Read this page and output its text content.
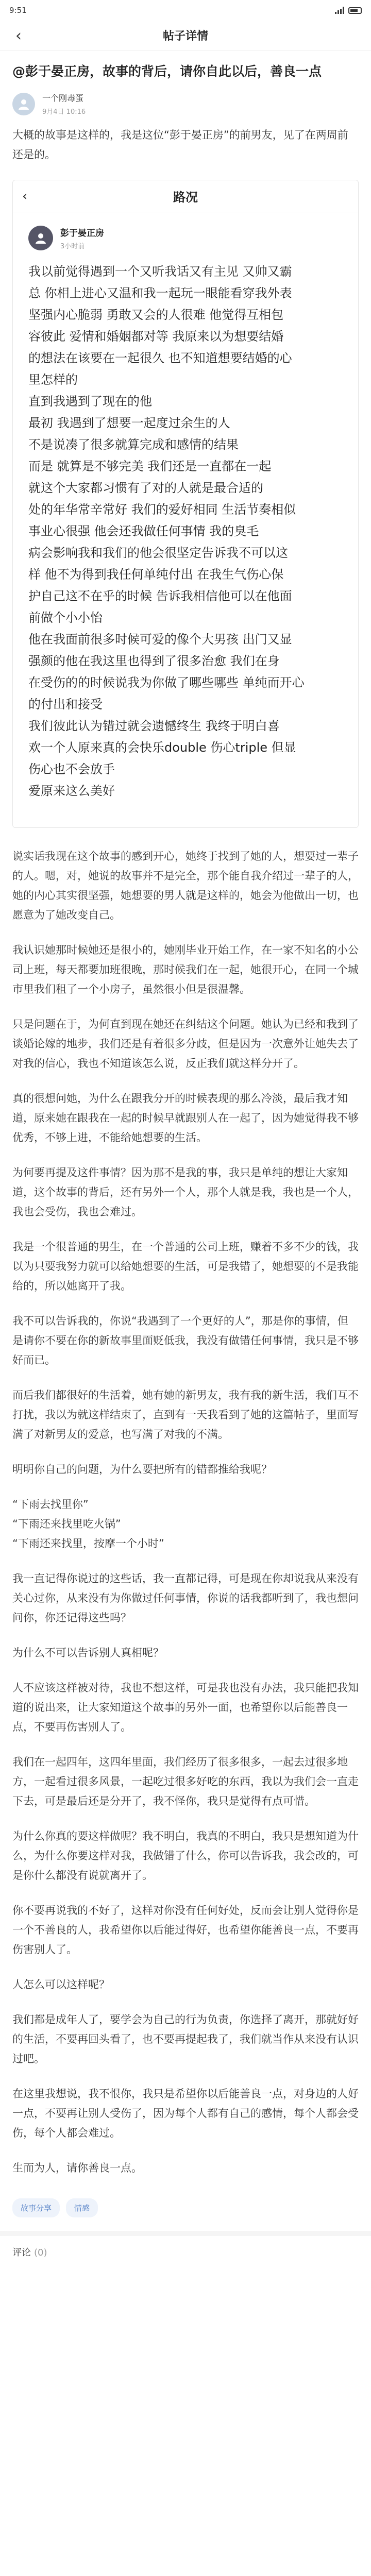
9:51
‹	帖子详情
@彭于晏正房，故事的背后，请你自此以后，善良一点
一个刚毒蛋
9月4日 10:16
大概的故事是这样的，我是这位“彭于晏正房”的前男友，见了在两周前还是的。
‹	路况
彭于晏正房
3小时前
我以前觉得遇到一个又听我话又有主见 又帅又霸
总 你相上进心又温和我一起玩一眼能看穿我外表
坚强内心脆弱 勇敢又会的人很难 他觉得互相包
容彼此 爱情和婚姻都对等 我原来以为想要结婚
的想法在该要在一起很久 也不知道想要结婚的心
里怎样的
直到我遇到了现在的他
最初 我遇到了想要一起度过余生的人
不是说凑了很多就算完成和感情的结果
而是 就算是不够完美 我们还是一直都在一起
就这个大家都习惯有了对的人就是最合适的
处的年华常辛常好 我们的爱好相同 生活节奏相似
事业心很强 他会还我做任何事情 我的臭毛
病会影响我和我们的他会很坚定告诉我不可以这
样 他不为得到我任何单纯付出 在我生气伤心保
护自己这不在乎的时候 告诉我相信他可以在他面
前做个小小怡
他在我面前很多时候可爱的像个大男孩 出门又显
强颜的他在我这里也得到了很多治愈 我们在身
在受伤的的时候说我为你做了哪些哪些 单纯而开心
的付出和接受
我们彼此认为错过就会遗憾终生 我终于明白喜
欢一个人原来真的会快乐double 伤心triple 但显
伤心也不会放手
爱原来这么美好
说实话我现在这个故事的感到开心，她终于找到了她的人，想要过一辈子的人。嗯，对，她说的故事并不是完全，那个能自我介绍过一辈子的人，她的内心其实很坚强，她想要的男人就是这样的，她会为他做出一切，也愿意为了她改变自己。
我认识她那时候她还是很小的，她刚毕业开始工作，在一家不知名的小公司上班，每天都要加班很晚，那时候我们在一起，她很开心，在同一个城市里我们租了一个小房子，虽然很小但是很温馨。
只是问题在于，为何直到现在她还在纠结这个问题。她认为已经和我到了谈婚论嫁的地步，我们还是有着很多分歧，但是因为一次意外让她失去了对我的信心，我也不知道该怎么说，反正我们就这样分开了。
真的很想问她，为什么在跟我分开的时候表现的那么冷淡，最后我才知道，原来她在跟我在一起的时候早就跟别人在一起了，因为她觉得我不够优秀，不够上进，不能给她想要的生活。
为何要再提及这件事情？因为那不是我的事，我只是单纯的想让大家知道，这个故事的背后，还有另外一个人，那个人就是我，我也是一个人，我也会受伤，我也会难过。
我是一个很普通的男生，在一个普通的公司上班，赚着不多不少的钱，我以为只要我努力就可以给她想要的生活，可是我错了，她想要的不是我能给的，所以她离开了我。
我不可以告诉我的，你说“我遇到了一个更好的人”，那是你的事情，但是请你不要在你的新故事里面贬低我，我没有做错任何事情，我只是不够好而已。
而后我们都很好的生活着，她有她的新男友，我有我的新生活，我们互不打扰，我以为就这样结束了，直到有一天我看到了她的这篇帖子，里面写满了对新男友的爱意，也写满了对我的不满。
明明你自己的问题，为什么要把所有的错都推给我呢？
“下雨去找里你”
“下雨还来找里吃火锅”
“下雨还来找里，按摩一个小时”
我一直记得你说过的这些话，我一直都记得，可是现在你却说我从来没有关心过你，从来没有为你做过任何事情，你说的话我都听到了，我也想问问你，你还记得这些吗？
为什么不可以告诉别人真相呢？
人不应该这样被对待，我也不想这样，可是我也没有办法，我只能把我知道的说出来，让大家知道这个故事的另外一面，也希望你以后能善良一点，不要再伤害别人了。
我们在一起四年，这四年里面，我们经历了很多很多，一起去过很多地方，一起看过很多风景，一起吃过很多好吃的东西，我以为我们会一直走下去，可是最后还是分开了，我不怪你，我只是觉得有点可惜。
为什么你真的要这样做呢？我不明白，我真的不明白，我只是想知道为什么，为什么你要这样对我，我做错了什么，你可以告诉我，我会改的，可是你什么都没有说就离开了。
你不要再说我的不好了，这样对你没有任何好处，反而会让别人觉得你是一个不善良的人，我希望你以后能过得好，也希望你能善良一点，不要再伤害别人了。
人怎么可以这样呢？
我们都是成年人了，要学会为自己的行为负责，你选择了离开，那就好好的生活，不要再回头看了，也不要再提起我了，我们就当作从来没有认识过吧。
在这里我想说，我不恨你，我只是希望你以后能善良一点，对身边的人好一点，不要再让别人受伤了，因为每个人都有自己的感情，每个人都会受伤，每个人都会难过。
生而为人，请你善良一点。
故事分享	情感
评论 (0)
